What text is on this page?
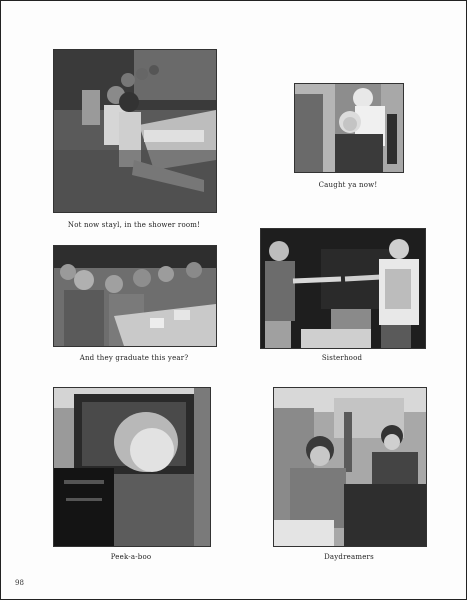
Not now stayl, in the shower room!
Caught ya now!
And they graduate this year?	Sisterhood
Peek-a-boo	Daydreamers
98
